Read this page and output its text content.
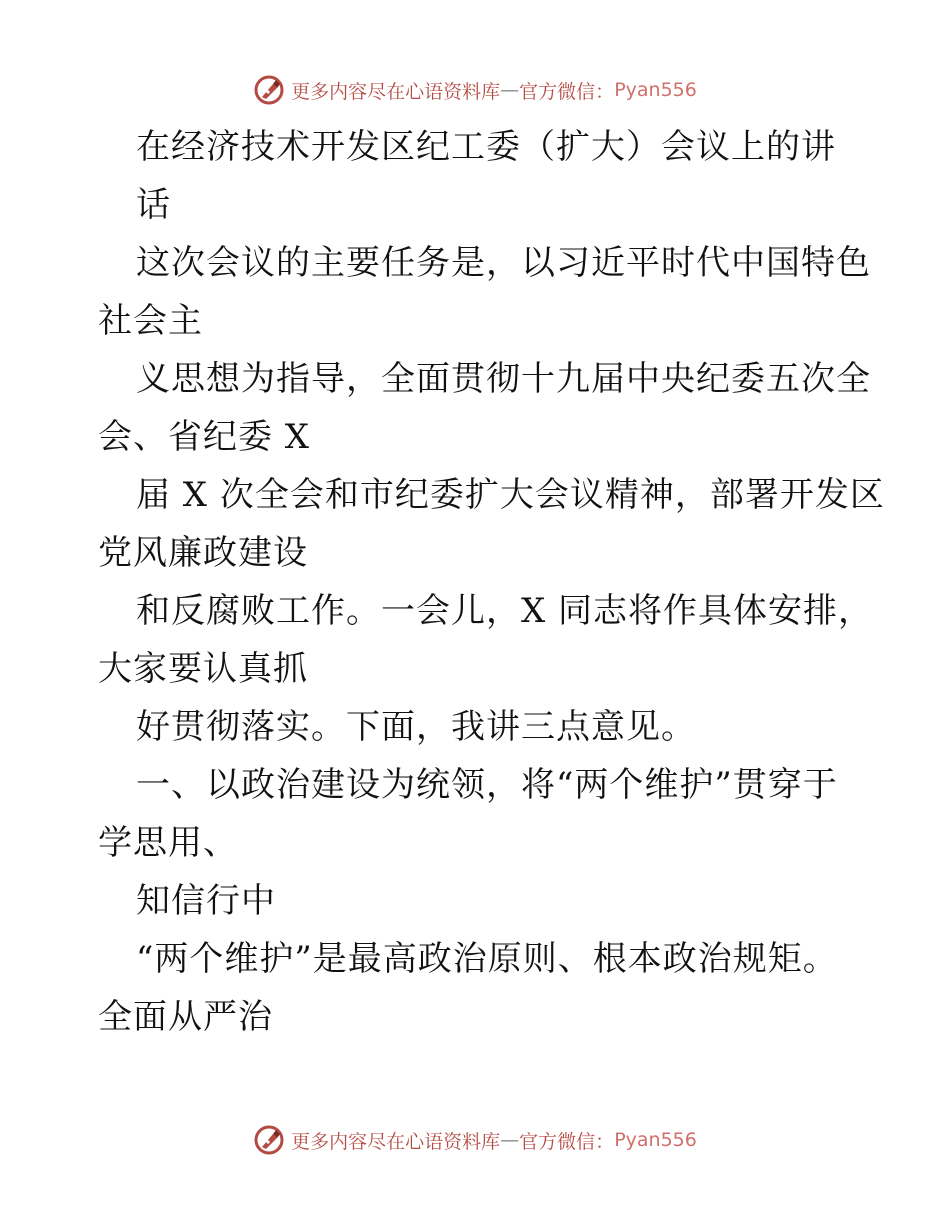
更多内容尽在心语资料库 — 官方微信： Pyan556
在经济技术开发区纪工委（扩大）会议上的讲
话
这次会议的主要任务是，以习近平时代中国特色
社会主
义思想为指导，全面贯彻十九届中央纪委五次全
会、省纪委 X
届 X 次全会和市纪委扩大会议精神，部署开发区
党风廉政建设
和反腐败工作。一会儿，X 同志将作具体安排，
大家要认真抓
好贯彻落实。下面，我讲三点意见。
一、以政治建设为统领，将“两个维护”贯穿于
学思用、
知信行中
“两个维护”是最高政治原则、根本政治规矩。
全面从严治
更多内容尽在心语资料库 — 官方微信： Pyan556
